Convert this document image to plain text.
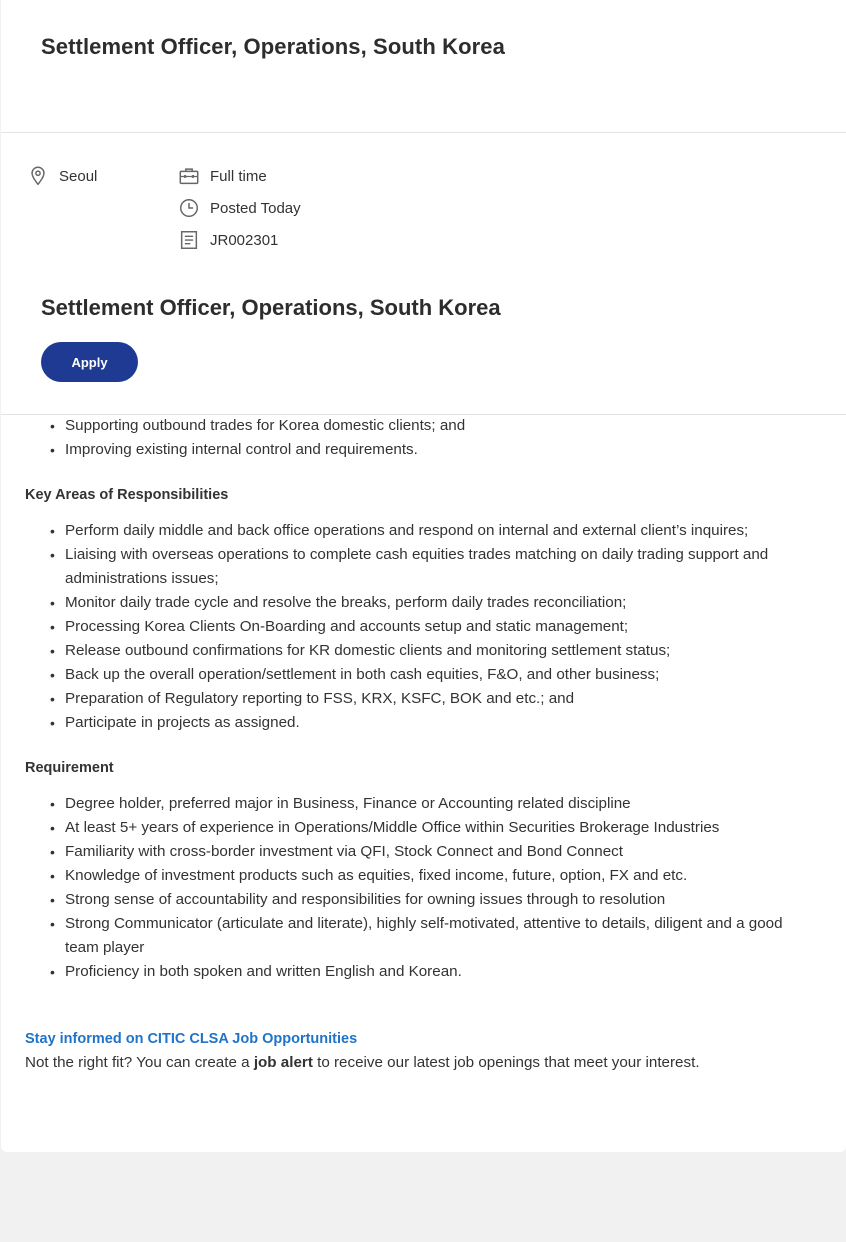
Settlement Officer, Operations, South Korea
Seoul	Full time
Posted Today
JR002301
Settlement Officer, Operations, South Korea
Apply
• Supporting outbound trades for Korea domestic clients; and
• Improving existing internal control and requirements.
Key Areas of Responsibilities
• Perform daily middle and back office operations and respond on internal and external client’s inquires;
• Liaising with overseas operations to complete cash equities trades matching on daily trading support and administrations issues;
• Monitor daily trade cycle and resolve the breaks, perform daily trades reconciliation;
• Processing Korea Clients On-Boarding and accounts setup and static management;
• Release outbound confirmations for KR domestic clients and monitoring settlement status;
• Back up the overall operation/settlement in both cash equities, F&O, and other business;
• Preparation of Regulatory reporting to FSS, KRX, KSFC, BOK and etc.; and
• Participate in projects as assigned.
Requirement
• Degree holder, preferred major in Business, Finance or Accounting related discipline
• At least 5+ years of experience in Operations/Middle Office within Securities Brokerage Industries
• Familiarity with cross-border investment via QFI, Stock Connect and Bond Connect
• Knowledge of investment products such as equities, fixed income, future, option, FX and etc.
• Strong sense of accountability and responsibilities for owning issues through to resolution
• Strong Communicator (articulate and literate), highly self-motivated, attentive to details, diligent and a good team player
• Proficiency in both spoken and written English and Korean.
Stay informed on CITIC CLSA Job Opportunities
Not the right fit? You can create a job alert to receive our latest job openings that meet your interest.
